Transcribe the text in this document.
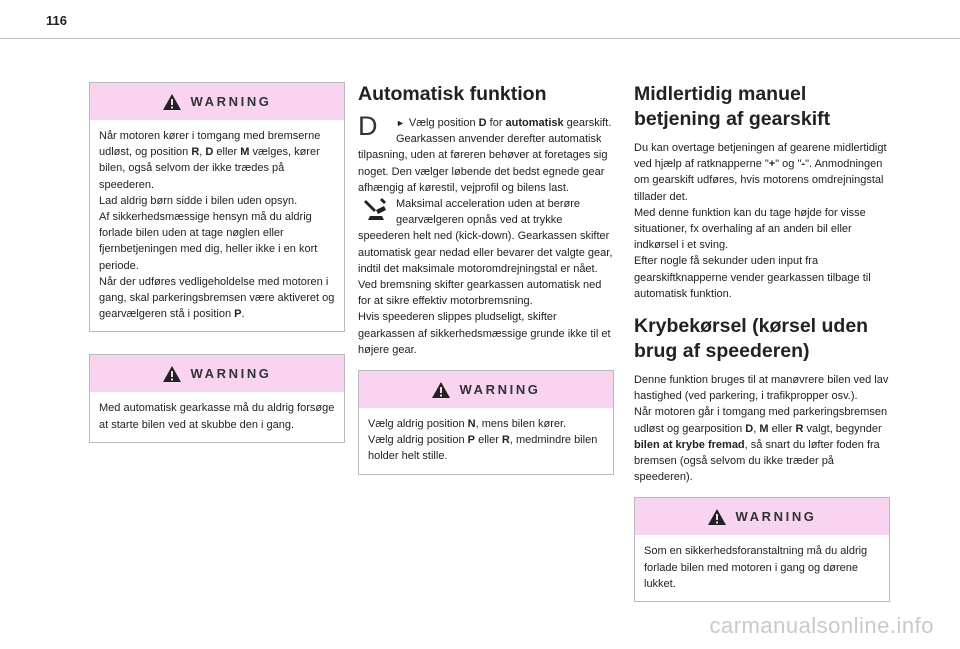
116
WARNING

Når motoren kører i tomgang med bremserne udløst, og position R, D eller M vælges, kører bilen, også selvom der ikke trædes på speederen.

Lad aldrig børn sidde i bilen uden opsyn.

Af sikkerhedsmæssige hensyn må du aldrig forlade bilen uden at tage nøglen eller fjernbetjeningen med dig, heller ikke i en kort periode.

Når der udføres vedligeholdelse med motoren i gang, skal parkeringsbremsen være aktiveret og gearvælgeren stå i position P.

WARNING

Med automatisk gearkasse må du aldrig forsøge at starte bilen ved at skubbe den i gang.

Automatisk funktion
D	► Vælg position D for automatisk gearskift.

Gearkassen anvender derefter automatisk tilpasning, uden at føreren behøver at foretages sig noget. Den vælger løbende det bedst egnede gear afhængig af kørestil, vejprofil og bilens last.

Maksimal acceleration uden at berøre gearvælgeren opnås ved at trykke speederen helt ned (kick-down). Gearkassen skifter automatisk gear nedad eller bevarer det valgte gear, indtil det maksimale motoromdrejningstal er nået.

Ved bremsning skifter gearkassen automatisk ned for at sikre effektiv motorbremsning.

Hvis speederen slippes pludseligt, skifter gearkassen af sikkerhedsmæssige grunde ikke til et højere gear.

WARNING

Vælg aldrig position N, mens bilen kører.

Vælg aldrig position P eller R, medmindre bilen holder helt stille.

Midlertidig manuel betjening af gearskift

Du kan overtage betjeningen af gearene midlertidigt ved hjælp af ratknapperne "+" og "-". Anmodningen om gearskift udføres, hvis motorens omdrejningstal tillader det.

Med denne funktion kan du tage højde for visse situationer, fx overhaling af an anden bil eller indkørsel i et sving.

Efter nogle få sekunder uden input fra gearskiftknapperne vender gearkassen tilbage til automatisk funktion.

Krybekørsel (kørsel uden brug af speederen)

Denne funktion bruges til at manøvrere bilen ved lav hastighed (ved parkering, i trafikpropper osv.).

Når motoren går i tomgang med parkeringsbremsen udløst og gearposition D, M eller R valgt, begynder bilen at krybe fremad, så snart du løfter foden fra bremsen (også selvom du ikke træder på speederen).

WARNING

Som en sikkerhedsforanstaltning må du aldrig forlade bilen med motoren i gang og dørene lukket.

carmanualsonline.info
